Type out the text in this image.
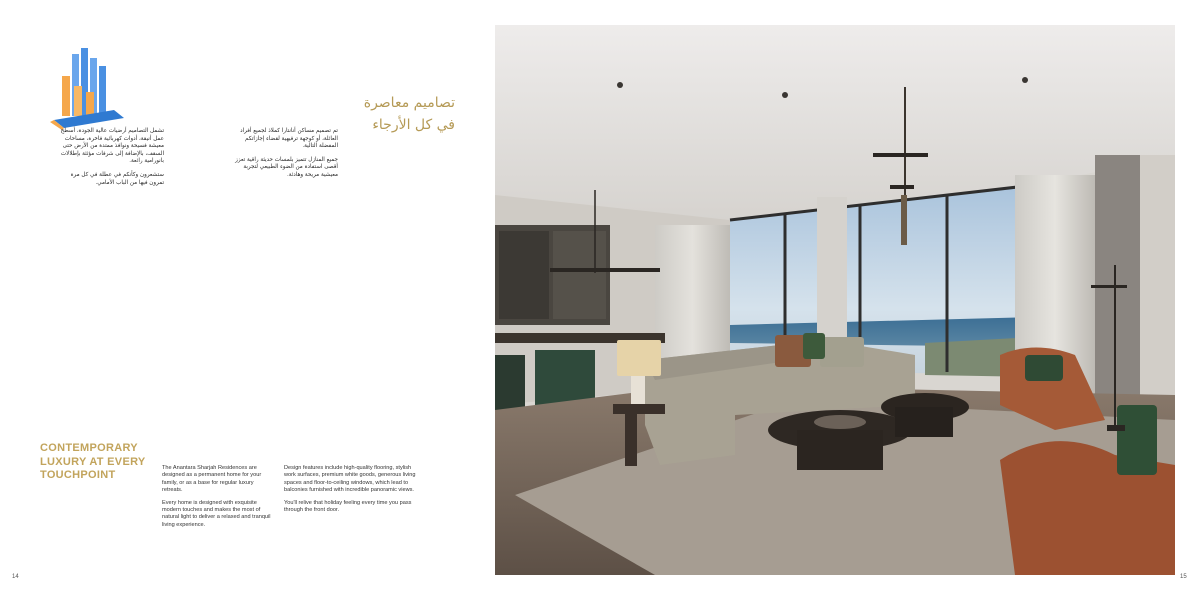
تصاميم معاصرة
في كل الأرجاء

تم تصميم مساكن أنانتارا كملاذ لجميع أفراد العائلة، أو كوجهة ترفيهية لقضاء إجازاتكم المفضلة التالية.

جميع المنازل تتميز بلمسات حديثة راقية تعزز أقصى استفادة من الضوء الطبيعي لتجربة معيشية مريحة وهادئة.

تشمل التصاميم أرضيات عالية الجودة، أسطح عمل أنيقة، أدوات كهربائية فاخرة، مساحات معيشة فسيحة ونوافذ ممتدة من الأرض حتى السقف، بالإضافة إلى شرفات مؤثثة بإطلالات بانورامية رائعة.

ستشعرون وكأنكم في عطلة في كل مرة تمرون فيها من الباب الأمامي.

CONTEMPORARY
LUXURY AT EVERY
TOUCHPOINT

The Anantara Sharjah Residences are designed as a permanent home for your family, or as a base for regular luxury retreats.

Every home is designed with exquisite modern touches and makes the most of natural light to deliver a relaxed and tranquil living experience.

Design features include high-quality flooring, stylish work surfaces, premium white goods, generous living spaces and floor-to-ceiling windows, which lead to balconies furnished with incredible panoramic views.

You'll relive that holiday feeling every time you pass through the front door.

14	15
